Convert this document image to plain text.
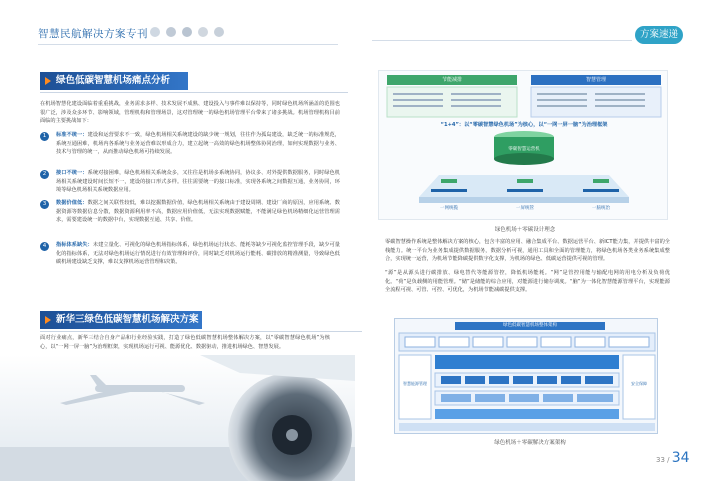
智慧民航解决方案专刊	方案速递
绿色低碳智慧机场痛点分析
在机场智慧化建设面临着重重挑战，业务需求多样、技术发展不成熟、建设投入与事件难以保持等，同时绿色机场所涵盖的范围也很广泛，涉及众多环节、影响领域，管理机构和管理场景，这对管理统一的绿色机场管理平台带来了诸多挑战。机场管理机构目前面临的主要挑战如下：
1	标准不统一：建设和运营要求不一致，绿色机场相关系统建设的缺少统一规划，往往作为孤岛建设，缺乏统一的标准规范，系统互通困难，机场内各系统与业务运营难以形成合力，建立起统一高效的绿色机场整体协同治理，如何实现数据与业务、技术与管理的统一，从而推动绿色机场可持续发展。
2	接口不统一：系统对接困难，绿色机场相关系统众多，又往往是机场多系统协同，协议多、对外提供数据服务，同时绿色机场相关系统建设时间长短不一，建设的接口形式多样。往往需要统一的接口标准，实现各系统之间数据互通，业务协同，环境等绿色机场相关系统数据应用。
3	数据价值低：数据之间关联性较低，难以挖掘数据价值，绿色机场相关系统由于建设周期、建设厂商的原因，应用系统、数据资源等数据信息分散，数据资源利用率不高，数据应用价值低，无法实现数据赋能，不能满足绿色机场精细化运营管理需求，需要建设统一的数据中台，实现数据互通、共享、价值。
4	指标体系缺失：未建立量化、可视化的绿色机场指标体系，绿色机场运行状态、能耗等缺少可视化监控管理手段，缺少可量化的指标体系，无法对绿色机场运行情况进行有效管理和评价，同时缺乏对机场运行能耗、碳排放的精准测量，导致绿色低碳机场建设缺乏支撑，难以支撑机场运营管理和决策。
新华三绿色低碳智慧机场解决方案
面对行业痛点，新华三结合自身产品和行业经验实践，打造了绿色低碳智慧机场整体解决方案，以“零碳智慧绿色机场”为核心，以“一网一屏一脑”为治理框架，实现机场运行可视、能源优化、数据驱动，推进机场绿色、智慧发展。
节能减排	智慧管理
“1+4”：以“零碳智慧绿色机场”为核心，以“一网一屏一脑”为治理框架
零碳智慧运营机
一网统揽	一屏统管	一脑统治
绿色机场＋零碳设计理念
零碳智慧操作系统是整体解决方案的核心，包含丰富的应用、融合集成平台、数据运营平台、新ICT能力集，并提供丰富的全栈能力。统一平台为业务集成提供数据服务，数据分析可视，通用工具和全面的管理能力，将绿色机场各类业务系统集成整合，实现统一运营，为机场节能降碳提供数字化支撑，为机场的绿色、低碳运营提供可视的管理。
“源”是从源头进行碳排放、绿电替代等能源管控，降低机场能耗。“网”是管控用能与输配电网的用电分析及负荷优化。“荷”是负载侧的用能管理。“储”是储能的综合应用，对能源进行储存调度。“脑”为一体化智慧能源管理平台，实现能源全流程可视、可管、可控、可优化，为机场节能减碳提供支撑。
绿色低碳智慧机场整体架构
智慧能源管理	安全保障
绿色机场＋零碳解决方案架构
33 / 34
